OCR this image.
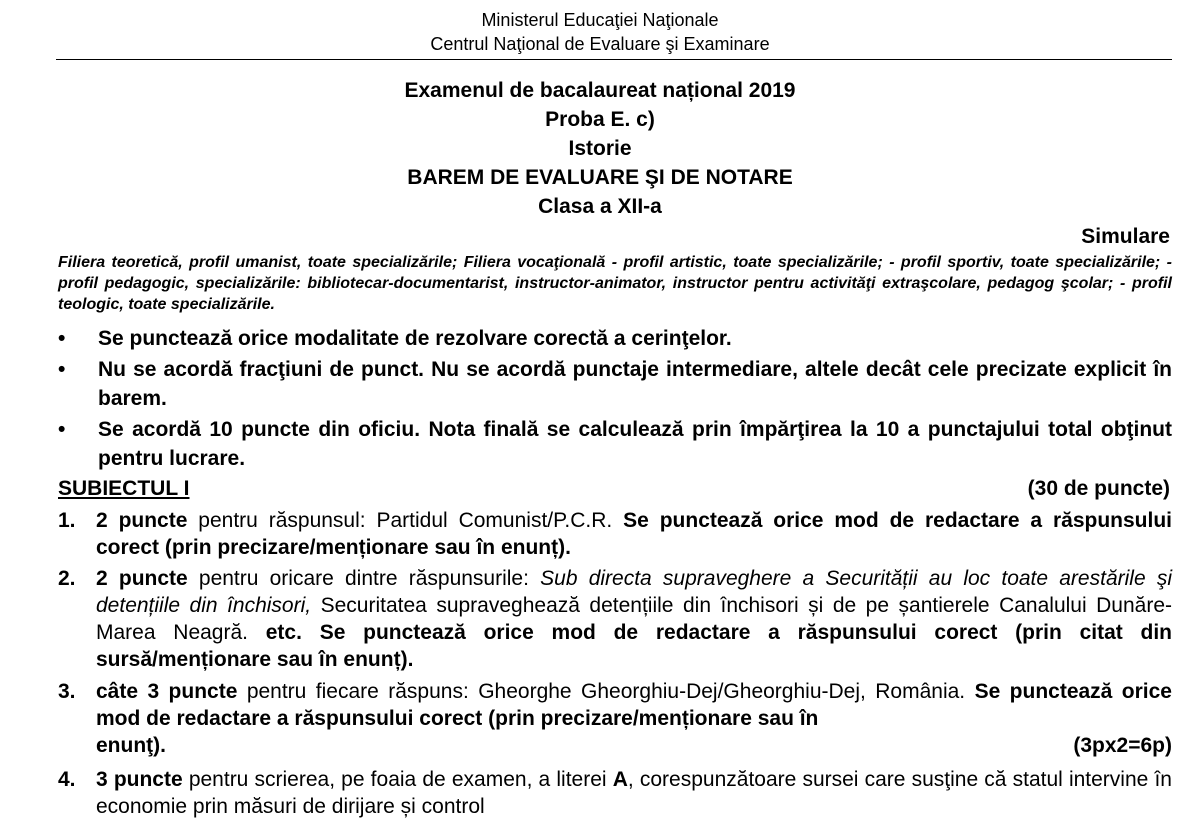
Ministerul Educaţiei Naţionale
Centrul Naţional de Evaluare şi Examinare
Examenul de bacalaureat național 2019
Proba E. c)
Istorie
BAREM DE EVALUARE ŞI DE NOTARE
Clasa a XII-a
Simulare
Filiera teoretică, profil umanist, toate specializările; Filiera vocaţională - profil artistic, toate specializările; - profil sportiv, toate specializările; - profil pedagogic, specializările: bibliotecar-documentarist, instructor-animator, instructor pentru activităţi extraşcolare, pedagog şcolar; - profil teologic, toate specializările.
• Se punctează orice modalitate de rezolvare corectă a cerinţelor.
• Nu se acordă fracţiuni de punct. Nu se acordă punctaje intermediare, altele decât cele precizate explicit în barem.
• Se acordă 10 puncte din oficiu. Nota finală se calculează prin împărţirea la 10 a punctajului total obţinut pentru lucrare.
SUBIECTUL I	(30 de puncte)
1. 2 puncte pentru răspunsul: Partidul Comunist/P.C.R. Se punctează orice mod de redactare a răspunsului corect (prin precizare/menționare sau în enunț).
2. 2 puncte pentru oricare dintre răspunsurile: Sub directa supraveghere a Securității au loc toate arestările şi detențiile din închisori, Securitatea supraveghează detențiile din închisori și de pe șantierele Canalului Dunăre-Marea Neagră. etc. Se punctează orice mod de redactare a răspunsului corect (prin citat din sursă/menționare sau în enunț).
3. câte 3 puncte pentru fiecare răspuns: Gheorghe Gheorghiu-Dej/Gheorghiu-Dej, România. Se punctează orice mod de redactare a răspunsului corect (prin precizare/menționare sau în
enunţ).	(3px2=6p)
4. 3 puncte pentru scrierea, pe foaia de examen, a literei A, corespunzătoare sursei care susţine că statul intervine în economie prin măsuri de dirijare și control
